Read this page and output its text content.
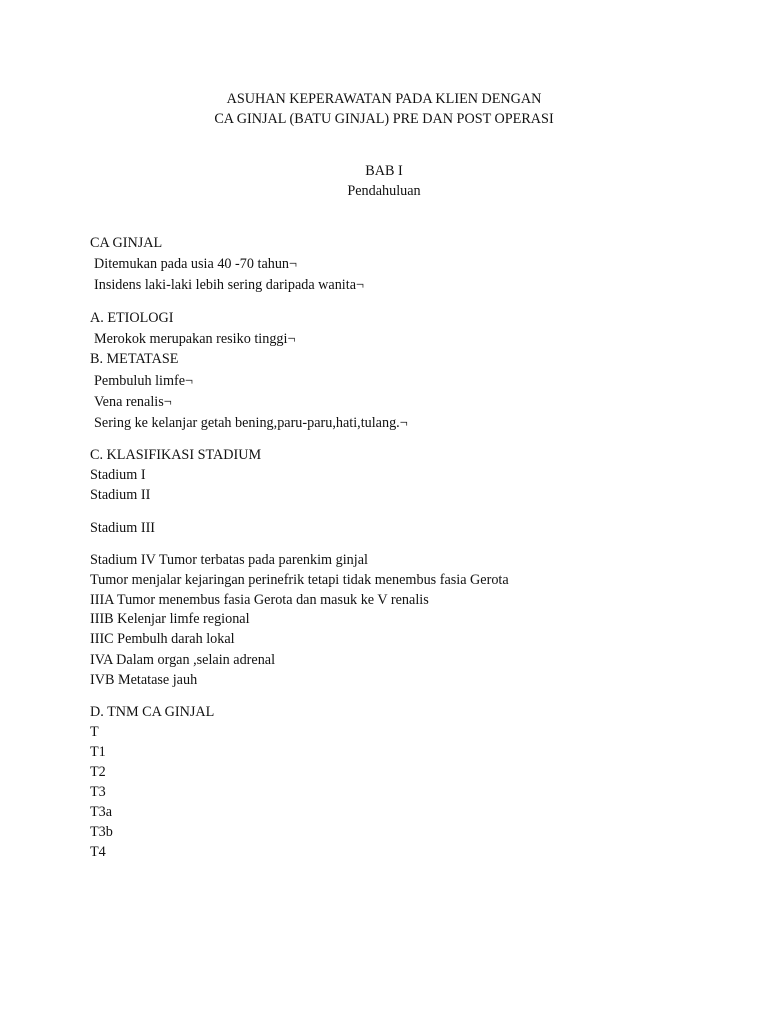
ASUHAN KEPERAWATAN PADA KLIEN DENGAN
CA GINJAL (BATU GINJAL) PRE DAN POST OPERASI
BAB I
Pendahuluan
CA GINJAL
Ditemukan pada usia 40 -70 tahun¬
Insidens laki-laki lebih sering daripada wanita¬
A. ETIOLOGI
Merokok merupakan resiko tinggi¬
B. METATASE
Pembuluh limfe¬
Vena renalis¬
Sering ke kelanjar getah bening,paru-paru,hati,tulang.¬
C. KLASIFIKASI STADIUM
Stadium I
Stadium II
Stadium III
Stadium IV Tumor terbatas pada parenkim ginjal
Tumor menjalar kejaringan perinefrik tetapi tidak menembus fasia Gerota
IIIA Tumor menembus fasia Gerota dan masuk ke V renalis
IIIB Kelenjar limfe regional
IIIC Pembulh darah lokal
IVA Dalam organ ,selain adrenal
IVB Metatase jauh
D. TNM CA GINJAL
T
T1
T2
T3
T3a
T3b
T4
